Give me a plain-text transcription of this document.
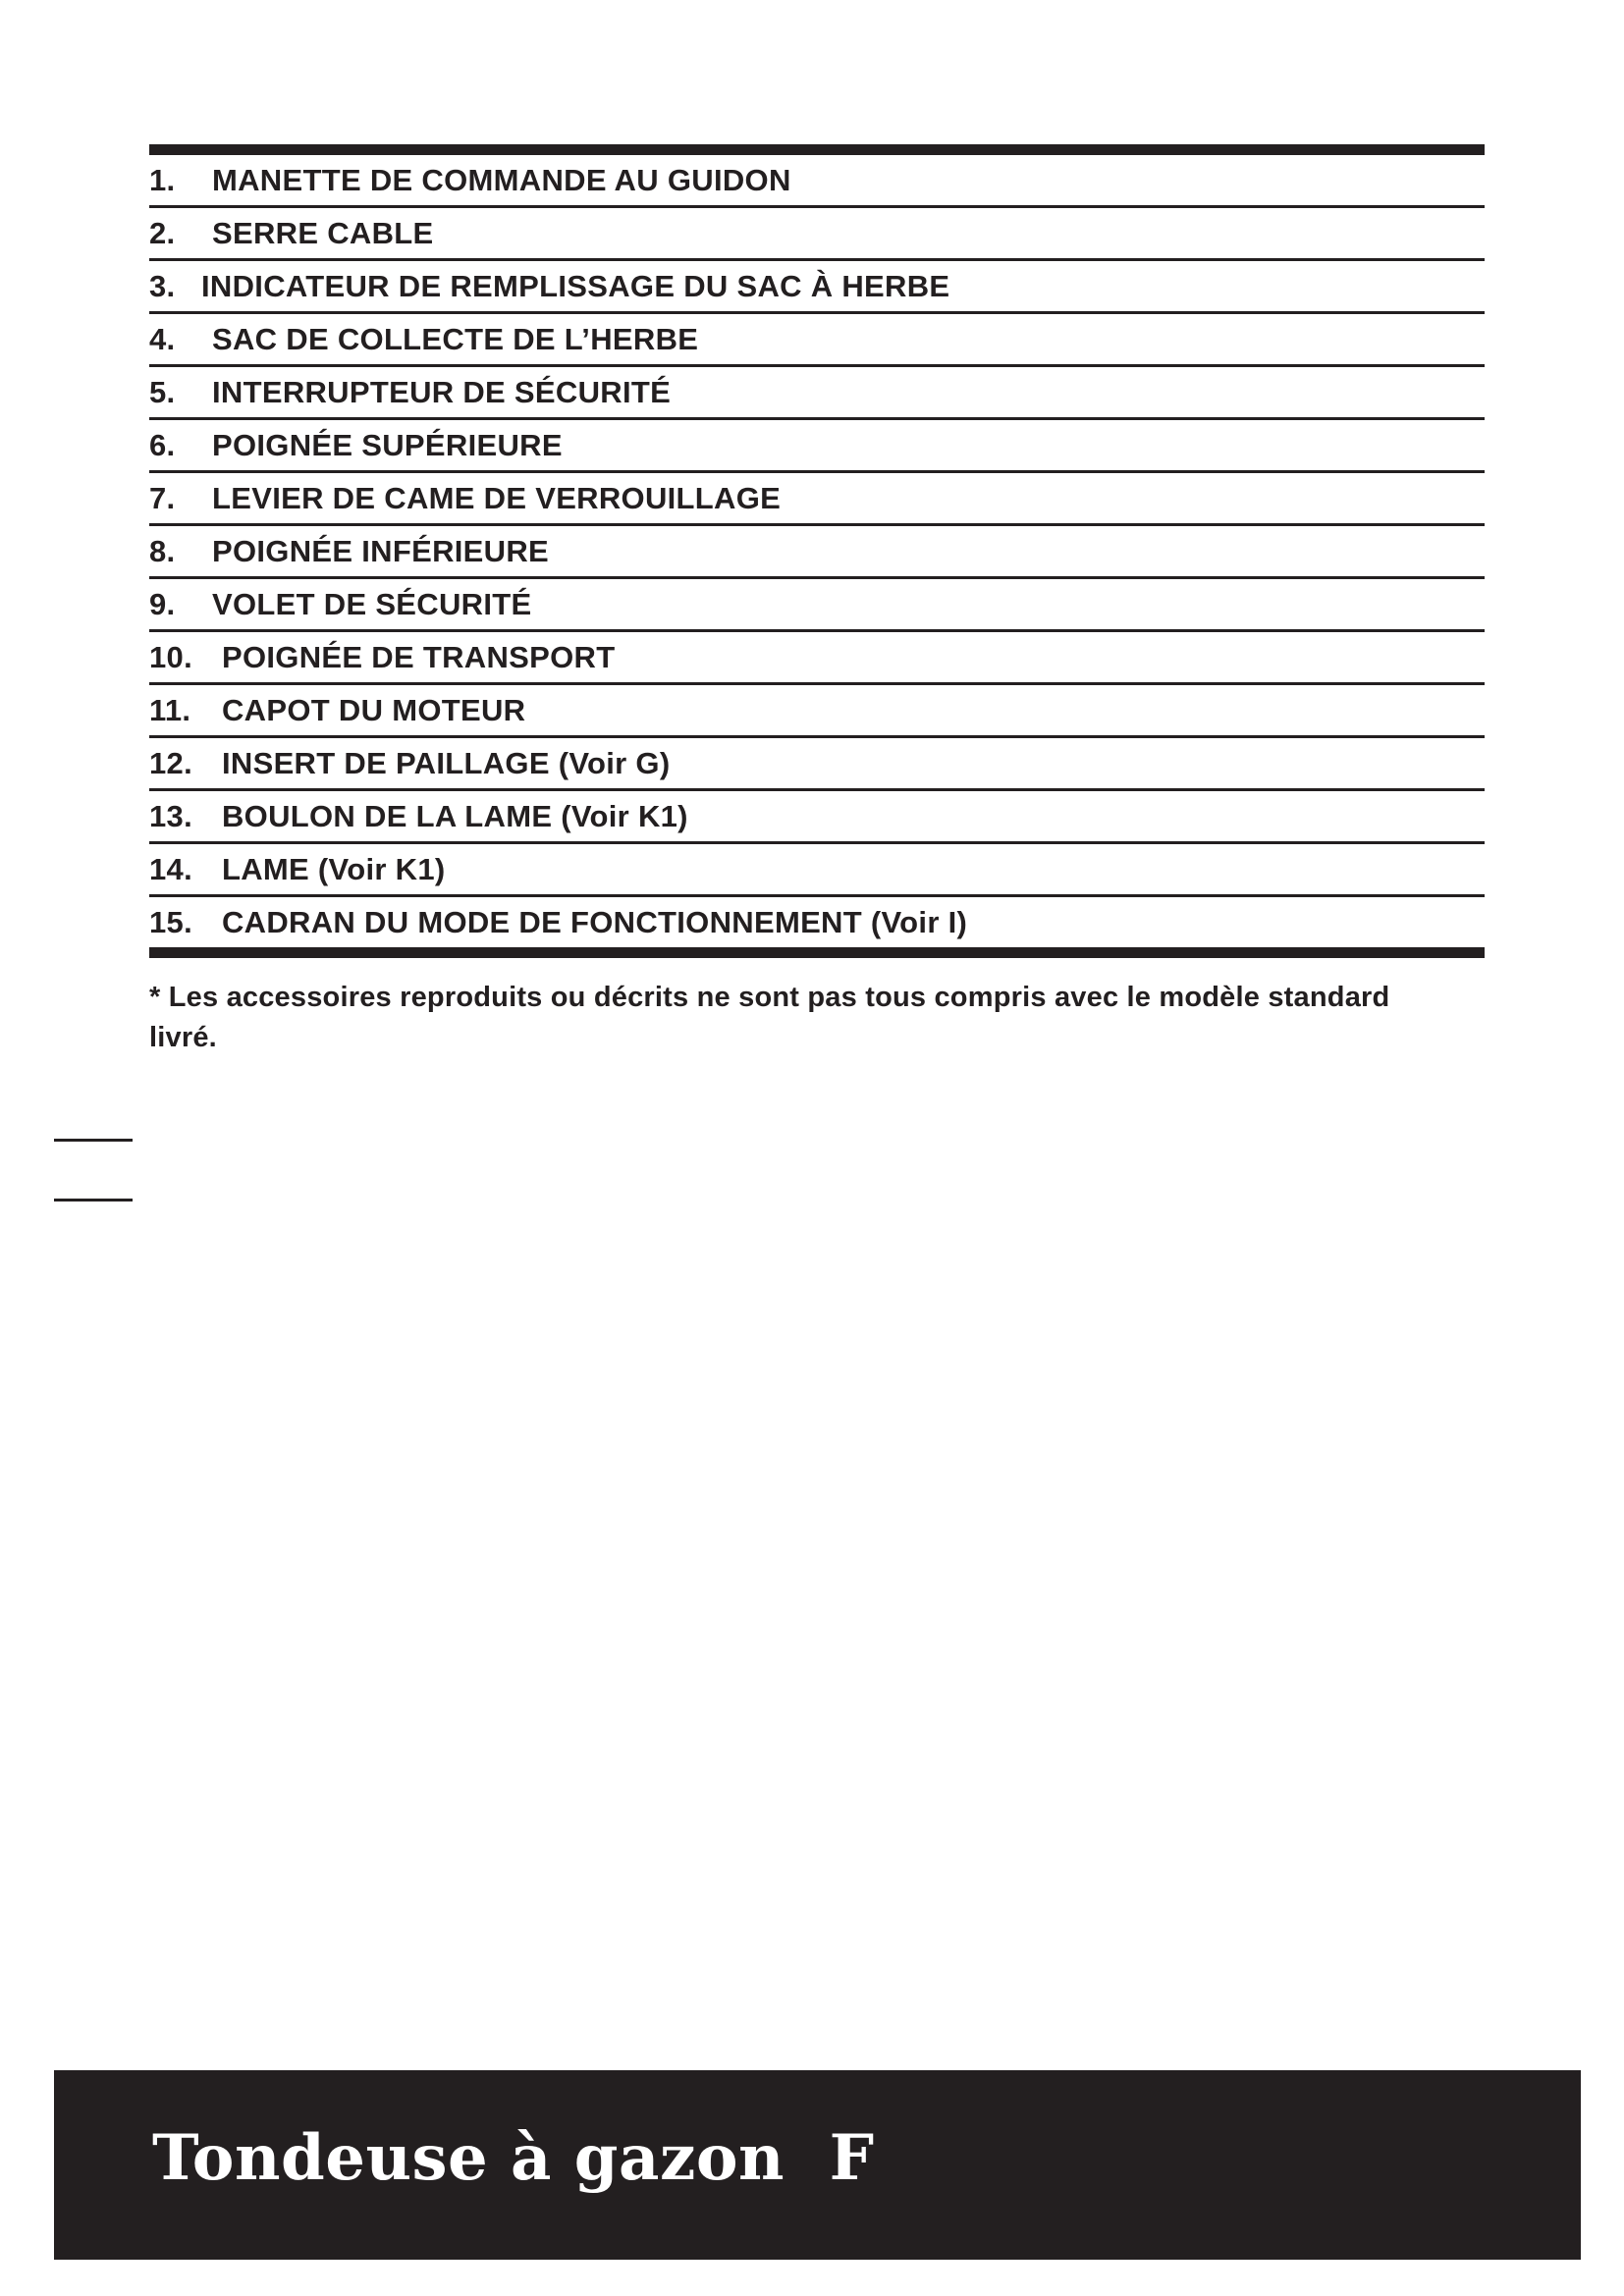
1.	MANETTE DE COMMANDE AU GUIDON
2.	SERRE CABLE
3. INDICATEUR DE REMPLISSAGE DU SAC À HERBE
4.	SAC DE COLLECTE DE L’HERBE
5.	INTERRUPTEUR DE SÉCURITÉ
6.	POIGNÉE SUPÉRIEURE
7.	LEVIER DE CAME DE VERROUILLAGE
8.	POIGNÉE INFÉRIEURE
9.	VOLET DE SÉCURITÉ
10. POIGNÉE DE TRANSPORT
11.	CAPOT DU MOTEUR
12. INSERT DE PAILLAGE (Voir G)
13. BOULON DE LA LAME (Voir K1)
14. LAME (Voir K1)
15. CADRAN DU MODE DE FONCTIONNEMENT (Voir I)
* Les accessoires reproduits ou décrits ne sont pas tous compris avec le modèle standard livré.
Tondeuse à gazon  F
